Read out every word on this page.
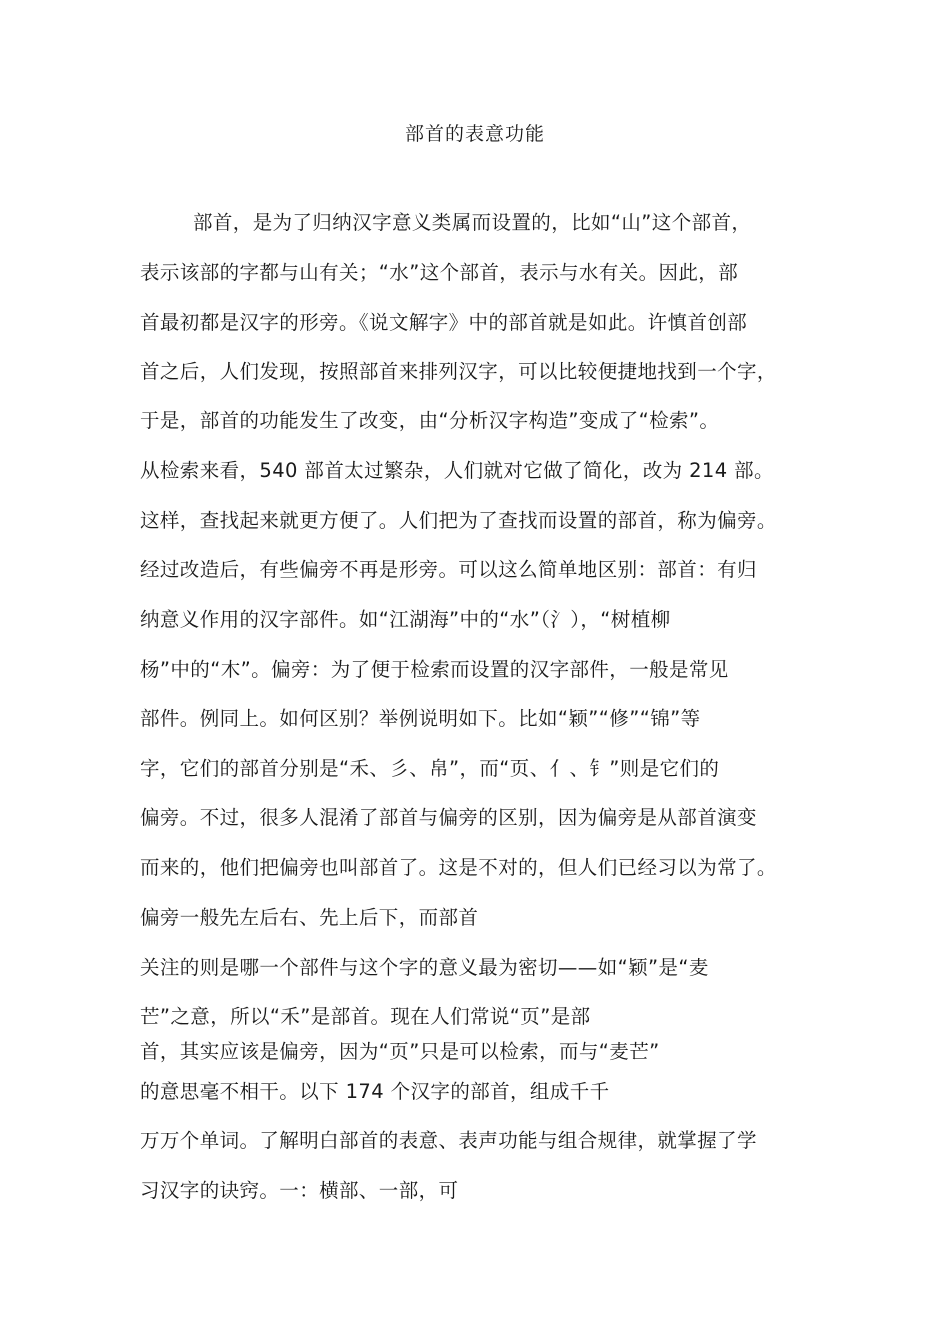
部首的表意功能
部首，是为了归纳汉字意义类属而设置的，比如“山”这个部首，
表示该部的字都与山有关；“水”这个部首，表示与水有关。因此，部
首最初都是汉字的形旁。《说文解字》中的部首就是如此。许慎首创部
首之后，人们发现，按照部首来排列汉字，可以比较便捷地找到一个字，
于是，部首的功能发生了改变，由“分析汉字构造”变成了“检索”。
从检索来看，540 部首太过繁杂，人们就对它做了简化，改为 214 部。
这样，查找起来就更方便了。人们把为了查找而设置的部首，称为偏旁。
经过改造后，有些偏旁不再是形旁。可以这么简单地区别：部首：有归
纳意义作用的汉字部件。如“江湖海”中的“水”（氵），“树植柳
杨”中的“木”。偏旁：为了便于检索而设置的汉字部件，一般是常见
部件。例同上。如何区别？举例说明如下。比如“颖”“修”“锦”等
字，它们的部首分别是“禾、彡、帛”，而“页、亻、钅”则是它们的
偏旁。不过，很多人混淆了部首与偏旁的区别，因为偏旁是从部首演变
而来的，他们把偏旁也叫部首了。这是不对的，但人们已经习以为常了。
偏旁一般先左后右、先上后下，而部首
关注的则是哪一个部件与这个字的意义最为密切——如“颖”是“麦
芒”之意，所以“禾”是部首。现在人们常说“页”是部
首，其实应该是偏旁，因为“页”只是可以检索，而与“麦芒”
的意思毫不相干。以下 174 个汉字的部首，组成千千
万万个单词。了解明白部首的表意、表声功能与组合规律，就掌握了学
习汉字的诀窍。一：横部、一部，可
